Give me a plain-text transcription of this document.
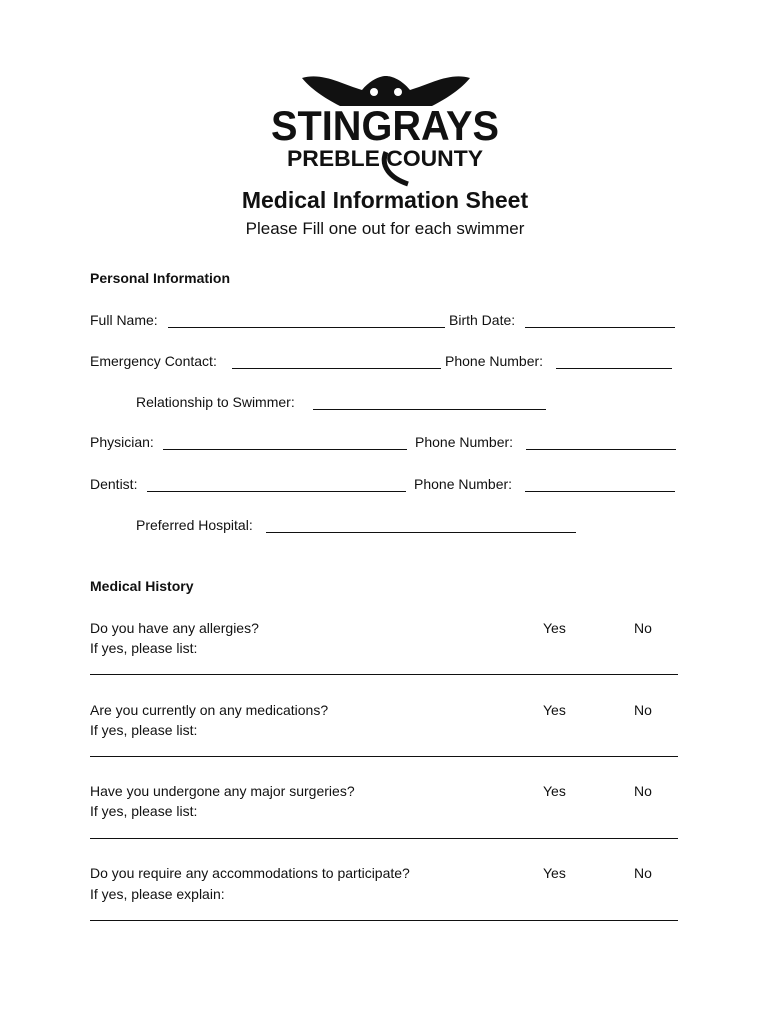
STINGRAYS
PREBLE COUNTY
Medical Information Sheet
Please Fill one out for each swimmer
Personal Information
Full Name:	Birth Date:
Emergency Contact:	Phone Number:
Relationship to Swimmer:
Physician:	Phone Number:
Dentist:	Phone Number:
Preferred Hospital:
Medical History
Do you have any allergies?	Yes	No
If yes, please list:
Are you currently on any medications?	Yes	No
If yes, please list:
Have you undergone any major surgeries?	Yes	No
If yes, please list:
Do you require any accommodations to participate?	Yes	No
If yes, please explain:
